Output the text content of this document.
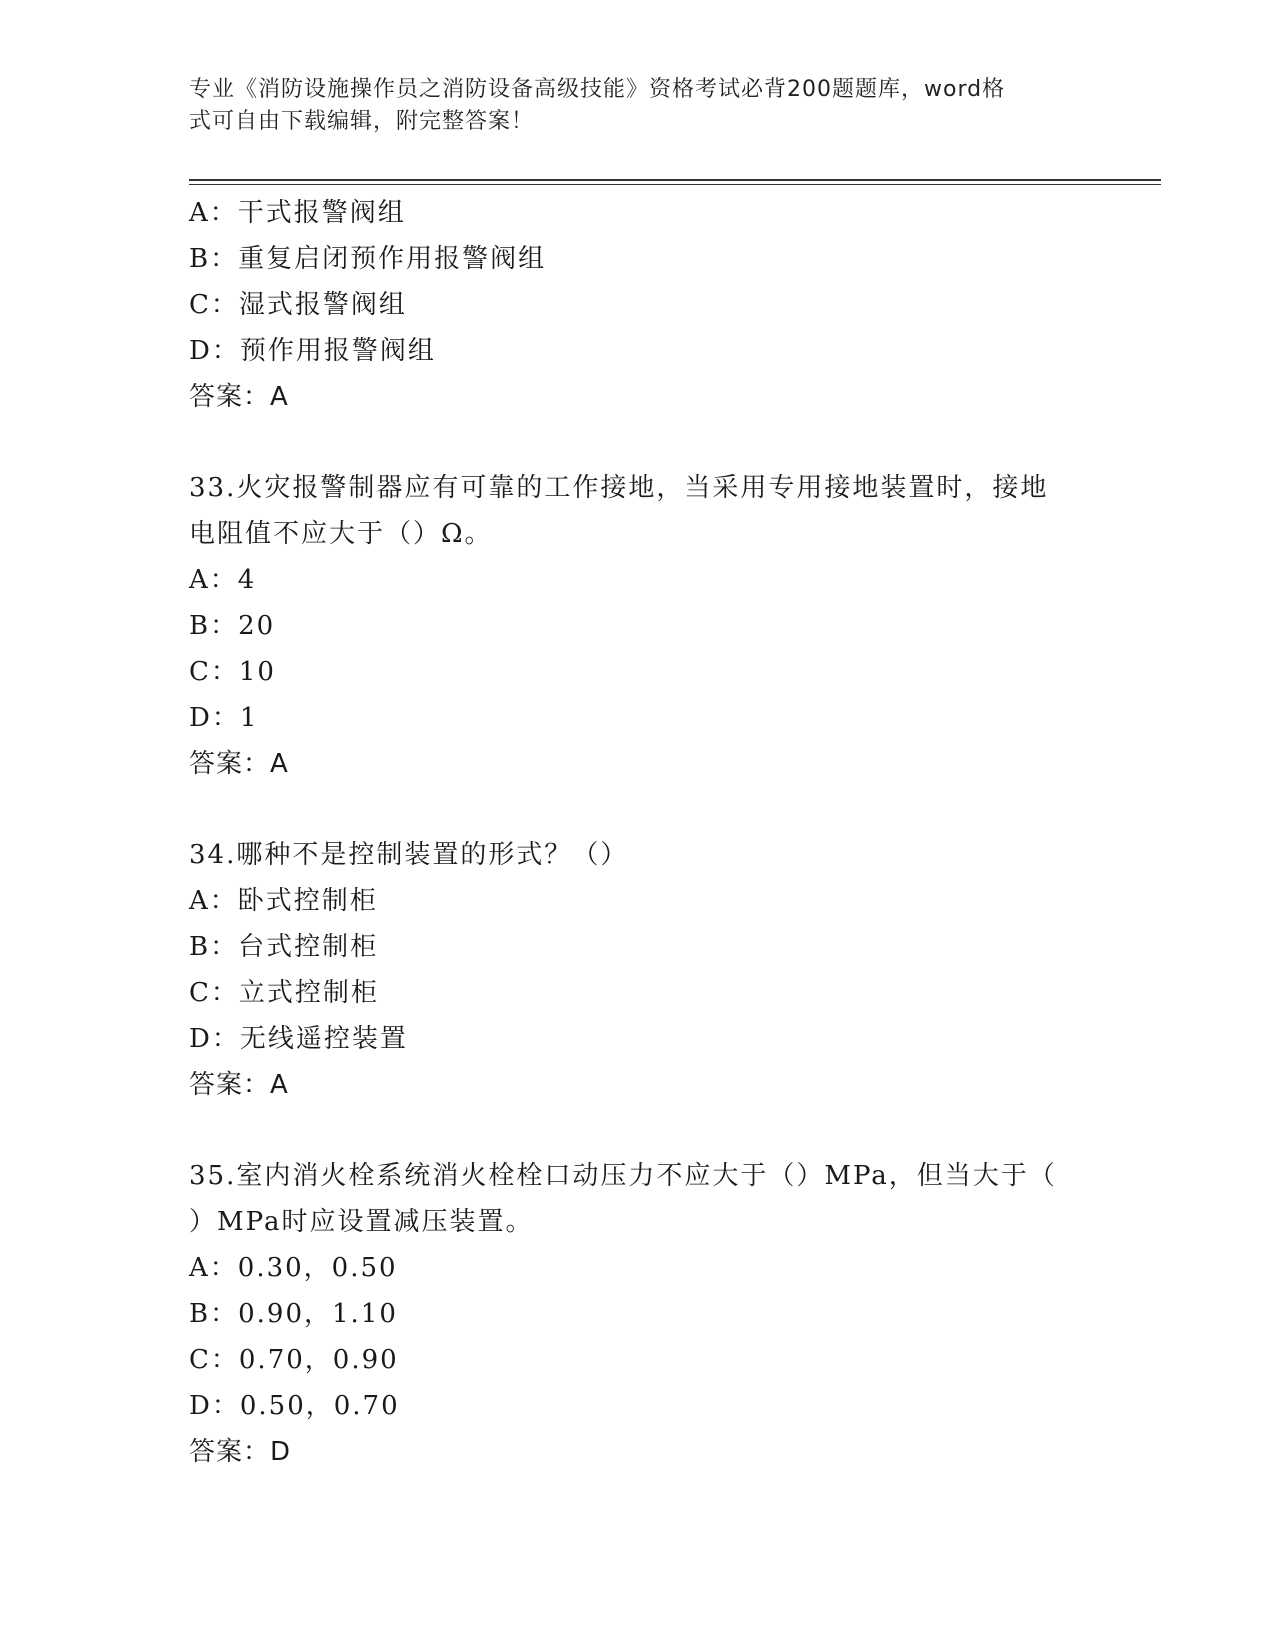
专业《消防设施操作员之消防设备高级技能》资格考试必背200题题库，word格
式可自由下载编辑，附完整答案！
A：干式报警阀组
B：重复启闭预作用报警阀组
C：湿式报警阀组
D：预作用报警阀组
答案：A
33.火灾报警制器应有可靠的工作接地，当采用专用接地装置时，接地
电阻值不应大于（）Ω。
A：4
B：20
C：10
D：1
答案：A
34.哪种不是控制装置的形式？（）
A：卧式控制柜
B：台式控制柜
C：立式控制柜
D：无线遥控装置
答案：A
35.室内消火栓系统消火栓栓口动压力不应大于（）MPa，但当大于（
）MPa时应设置减压装置。
A：0.30，0.50
B：0.90，1.10
C：0.70，0.90
D：0.50，0.70
答案：D
